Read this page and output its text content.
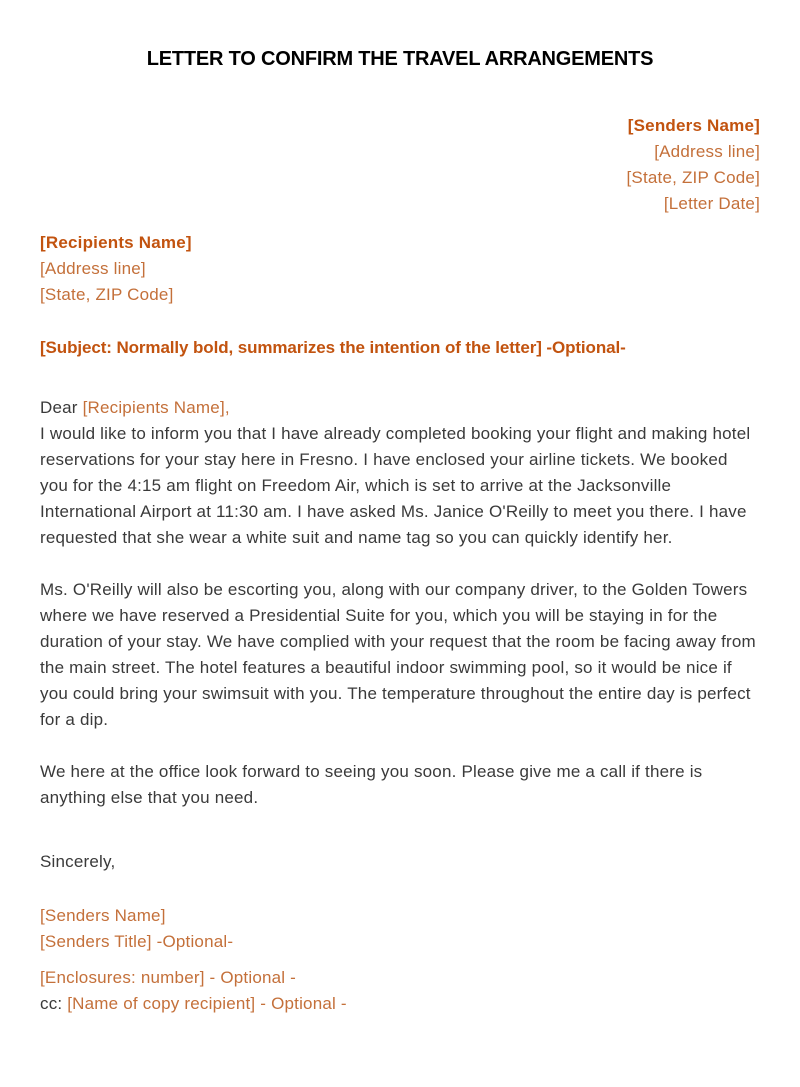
LETTER TO CONFIRM THE TRAVEL ARRANGEMENTS
[Senders Name]
[Address line]
[State, ZIP Code]
[Letter Date]
[Recipients Name]
[Address line]
[State, ZIP Code]
[Subject: Normally bold, summarizes the intention of the letter] -Optional-
Dear [Recipients Name],

I would like to inform you that I have already completed booking your flight and making hotel reservations for your stay here in Fresno. I have enclosed your airline tickets. We booked you for the 4:15 am flight on Freedom Air, which is set to arrive at the Jacksonville International Airport at 11:30 am. I have asked Ms. Janice O'Reilly to meet you there. I have requested that she wear a white suit and name tag so you can quickly identify her.

Ms. O'Reilly will also be escorting you, along with our company driver, to the Golden Towers where we have reserved a Presidential Suite for you, which you will be staying in for the duration of your stay. We have complied with your request that the room be facing away from the main street. The hotel features a beautiful indoor swimming pool, so it would be nice if you could bring your swimsuit with you. The temperature throughout the entire day is perfect for a dip.

We here at the office look forward to seeing you soon. Please give me a call if there is anything else that you need.

Sincerely,
[Senders Name]
[Senders Title] -Optional-
[Enclosures: number] - Optional -
cc: [Name of copy recipient] - Optional -
